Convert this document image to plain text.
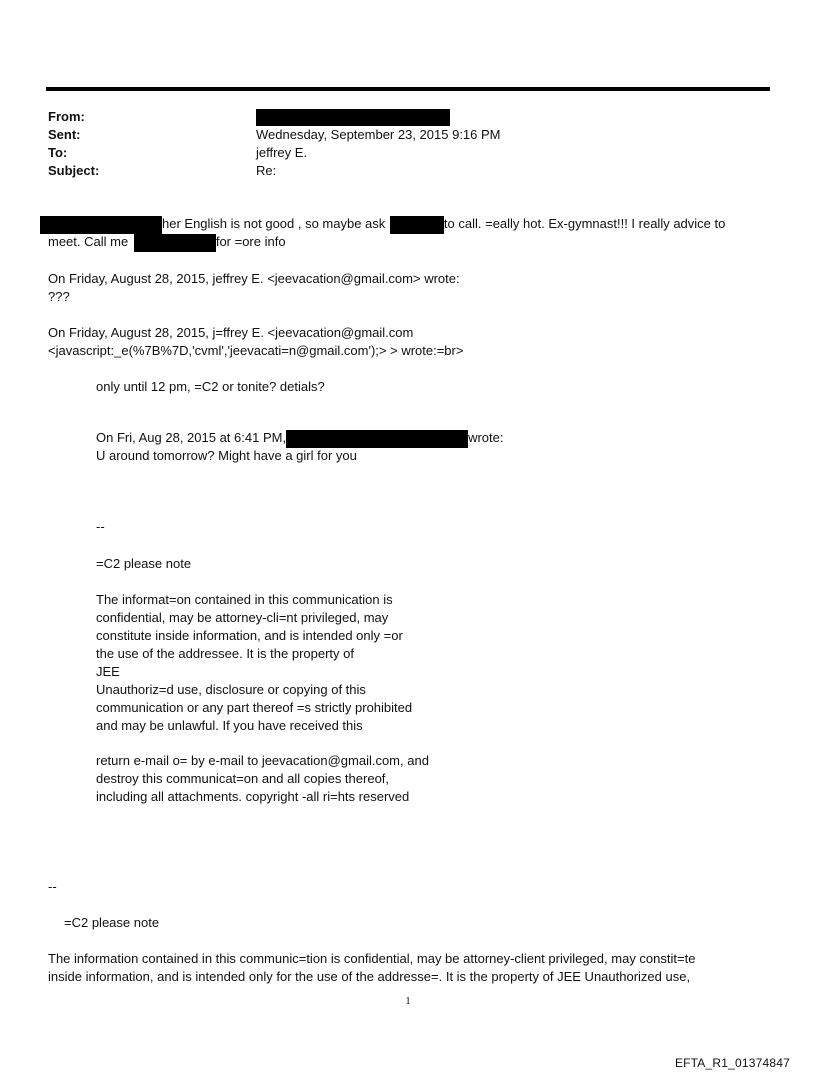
From:
Sent:	Wednesday, September 23, 2015 9:16 PM
To:	jeffrey E.
Subject:	Re:
her English is not good , so maybe ask	to call. =eally hot. Ex-gymnast!!! I really advice to
meet. Call me	for =ore info
On Friday, August 28, 2015, jeffrey E. <jeevacation@gmail.com> wrote:
???
On Friday, August 28, 2015, j=ffrey E. <jeevacation@gmail.com
<javascript:_e(%7B%7D,'cvml','jeevacati=n@gmail.com');> > wrote:=br>
only until 12 pm, =C2 or tonite? detials?
On Fri, Aug 28, 2015 at 6:41 PM,	wrote:
U around tomorrow? Might have a girl for you
--
=C2 please note
The informat=on contained in this communication is
confidential, may be attorney-cli=nt privileged, may
constitute inside information, and is intended only =or
the use of the addressee. It is the property of
JEE
Unauthoriz=d use, disclosure or copying of this
communication or any part thereof =s strictly prohibited
and may be unlawful. If you have received this
return e-mail o= by e-mail to jeevacation@gmail.com, and
destroy this communicat=on and all copies thereof,
including all attachments. copyright -all ri=hts reserved
--
=C2 please note
The information contained in this communic=tion is confidential, may be attorney-client privileged, may constit=te
inside information, and is intended only for the use of the addresse=. It is the property of JEE Unauthorized use,
1
EFTA_R1_01374847
